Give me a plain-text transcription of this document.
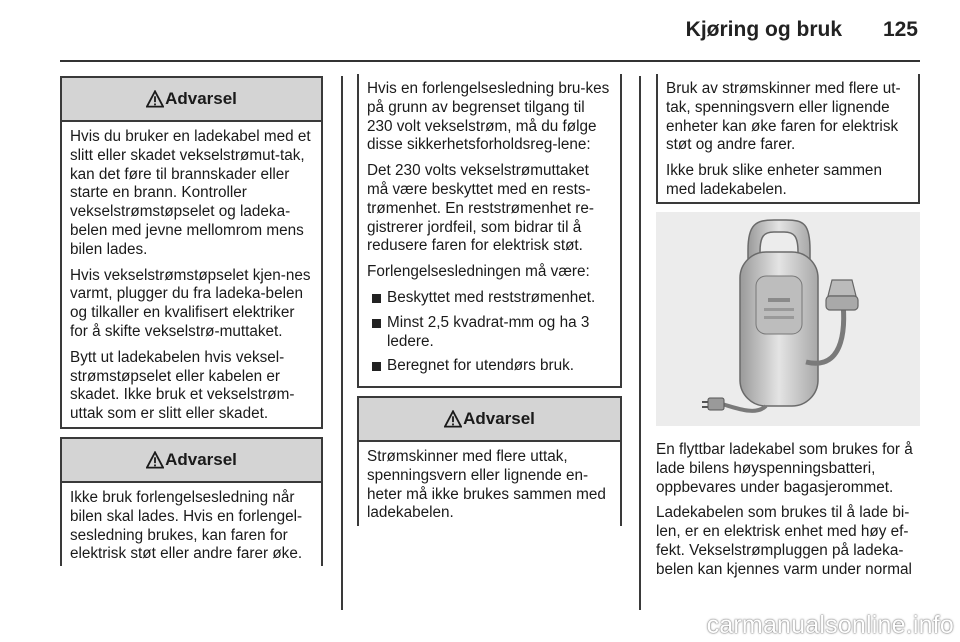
Kjøring og bruk 125
Advarsel

Hvis du bruker en ladekabel med et slitt eller skadet vekselstrømut-tak, kan det føre til brannskader eller starte en brann. Kontroller vekselstrømstøpselet og ladeka-belen med jevne mellomrom mens bilen lades.

Hvis vekselstrømstøpselet kjen-nes varmt, plugger du fra ladeka-belen og tilkaller en kvalifisert elektriker for å skifte vekselstrø-muttaket.

Bytt ut ladekabelen hvis veksel-strømstøpselet eller kabelen er skadet. Ikke bruk et vekselstrøm-uttak som er slitt eller skadet.

Advarsel

Ikke bruk forlengelsesledning når bilen skal lades. Hvis en forlengel-sesledning brukes, kan faren for elektrisk støt eller andre farer øke.

Hvis en forlengelsesledning bru-kes på grunn av begrenset tilgang til 230 volt vekselstrøm, må du følge disse sikkerhetsforholdsreg-lene:

Det 230 volts vekselstrømuttaket må være beskyttet med en rests-trømenhet. En reststrømenhet re-gistrerer jordfeil, som bidrar til å redusere faren for elektrisk støt.

Forlengelsesledningen må være:

Beskyttet med reststrømenhet.
Minst 2,5 kvadrat-mm og ha 3 ledere.
Beregnet for utendørs bruk.
Advarsel

Strømskinner med flere uttak, spenningsvern eller lignende en-heter må ikke brukes sammen med ladekabelen.

Bruk av strømskinner med flere ut-tak, spenningsvern eller lignende enheter kan øke faren for elektrisk støt og andre farer.

Ikke bruk slike enheter sammen med ladekabelen.

En flyttbar ladekabel som brukes for å lade bilens høyspenningsbatteri, oppbevares under bagasjerommet.

Ladekabelen som brukes til å lade bi-len, er en elektrisk enhet med høy ef-fekt. Vekselstrømpluggen på ladeka-belen kan kjennes varm under normal

carmanualsonline.info
